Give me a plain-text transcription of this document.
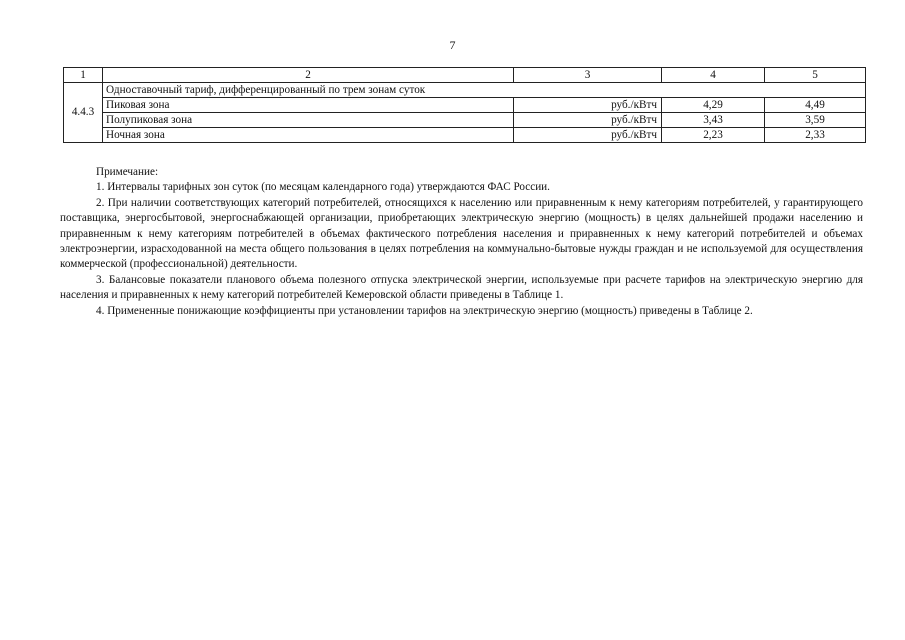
7
1	2	3	4	5
4.4.3	Одноставочный тариф, дифференцированный по трем зонам суток			
	Пиковая зона	руб./кВтч	4,29	4,49
	Полупиковая зона	руб./кВтч	3,43	3,59
	Ночная зона	руб./кВтч	2,23	2,33

Примечание:

1. Интервалы тарифных зон суток (по месяцам календарного года) утверждаются ФАС России.

2. При наличии соответствующих категорий потребителей, относящихся к населению или приравненным к нему категориям потребителей, у гарантирующего поставщика, энергосбытовой, энергоснабжающей организации, приобретающих электрическую энергию (мощность) в целях дальнейшей продажи населению и приравненным к нему категориям потребителей в объемах фактического потребления населения и приравненных к нему категорий потребителей и объемах электроэнергии, израсходованной на места общего пользования в целях потребления на коммунально-бытовые нужды граждан и не используемой для осуществления коммерческой (профессиональной) деятельности.

3. Балансовые показатели планового объема полезного отпуска электрической энергии, используемые при расчете тарифов на электрическую энергию для населения и приравненных к нему категорий потребителей Кемеровской области приведены в Таблице 1.

4. Примененные понижающие коэффициенты при установлении тарифов на электрическую энергию (мощность) приведены в Таблице 2.
